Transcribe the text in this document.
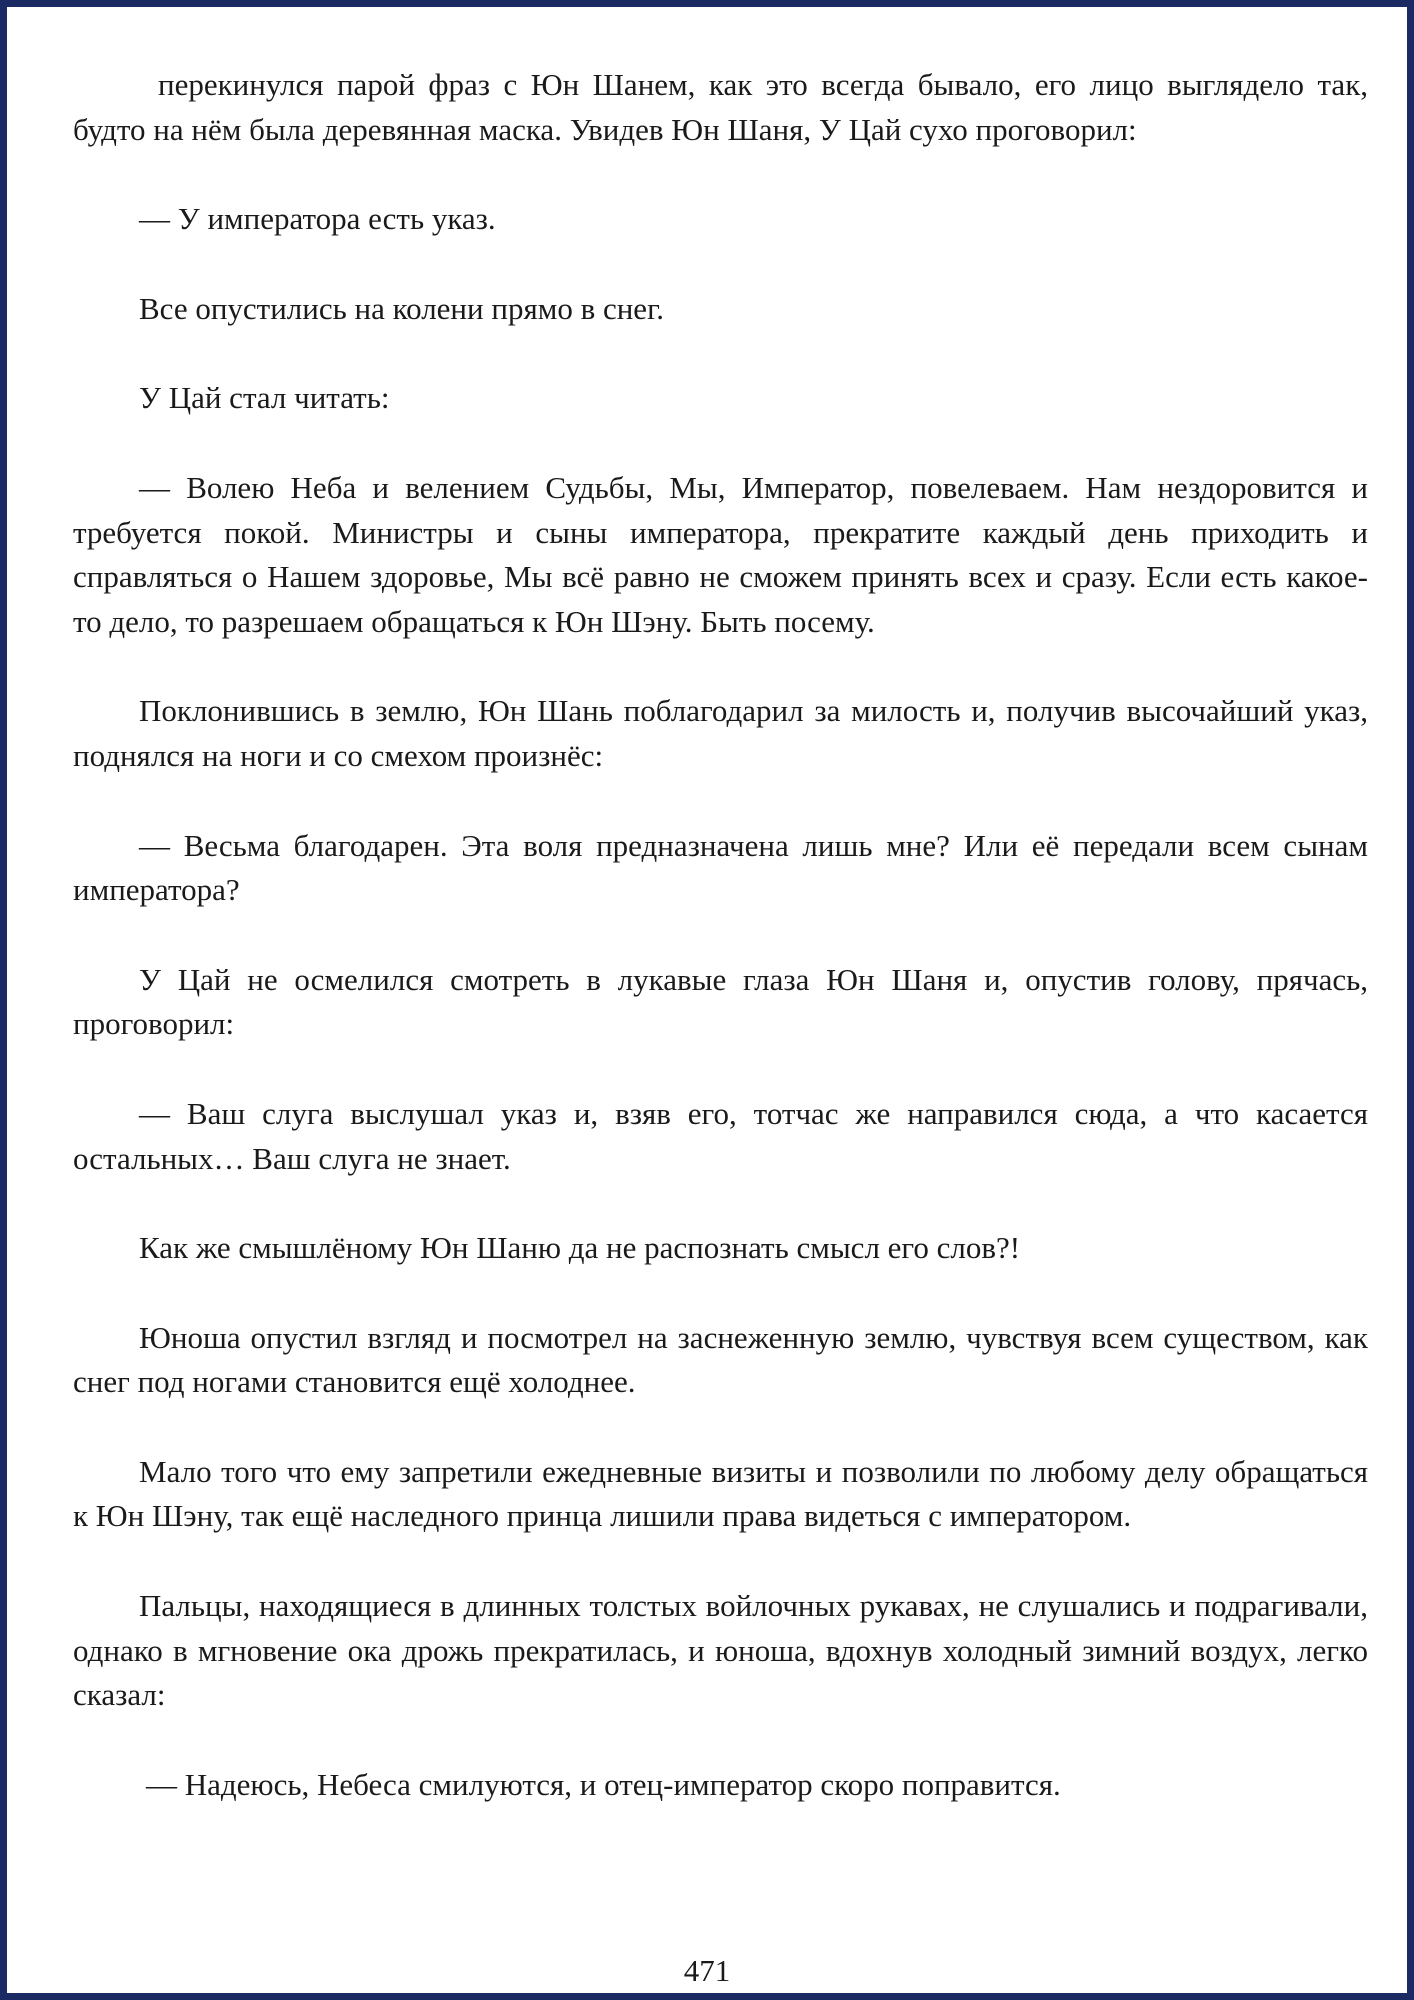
перекинулся парой фраз с Юн Шанем, как это всегда бывало, его лицо выглядело так, будто на нём была деревянная маска. Увидев Юн Шаня, У Цай сухо проговорил:

— У императора есть указ.

Все опустились на колени прямо в снег.

У Цай стал читать:

— Волею Неба и велением Судьбы, Мы, Император, повелеваем. Нам нездоровится и требуется покой. Министры и сыны императора, прекратите каждый день приходить и справляться о Нашем здоровье, Мы всё равно не сможем принять всех и сразу. Если есть какое-то дело, то разрешаем обращаться к Юн Шэну. Быть посему.

Поклонившись в землю, Юн Шань поблагодарил за милость и, получив высочайший указ, поднялся на ноги и со смехом произнёс:

— Весьма благодарен. Эта воля предназначена лишь мне? Или её передали всем сынам императора?

У Цай не осмелился смотреть в лукавые глаза Юн Шаня и, опустив голову, прячась, проговорил:

— Ваш слуга выслушал указ и, взяв его, тотчас же направился сюда, а что касается остальных… Ваш слуга не знает.

Как же смышлёному Юн Шаню да не распознать смысл его слов?!

Юноша опустил взгляд и посмотрел на заснеженную землю, чувствуя всем существом, как снег под ногами становится ещё холоднее.

Мало того что ему запретили ежедневные визиты и позволили по любому делу обращаться к Юн Шэну, так ещё наследного принца лишили права видеться с императором.

Пальцы, находящиеся в длинных толстых войлочных рукавах, не слушались и подрагивали, однако в мгновение ока дрожь прекратилась, и юноша, вдохнув холодный зимний воздух, легко сказал:

— Надеюсь, Небеса смилуются, и отец-император скоро поправится.

471
